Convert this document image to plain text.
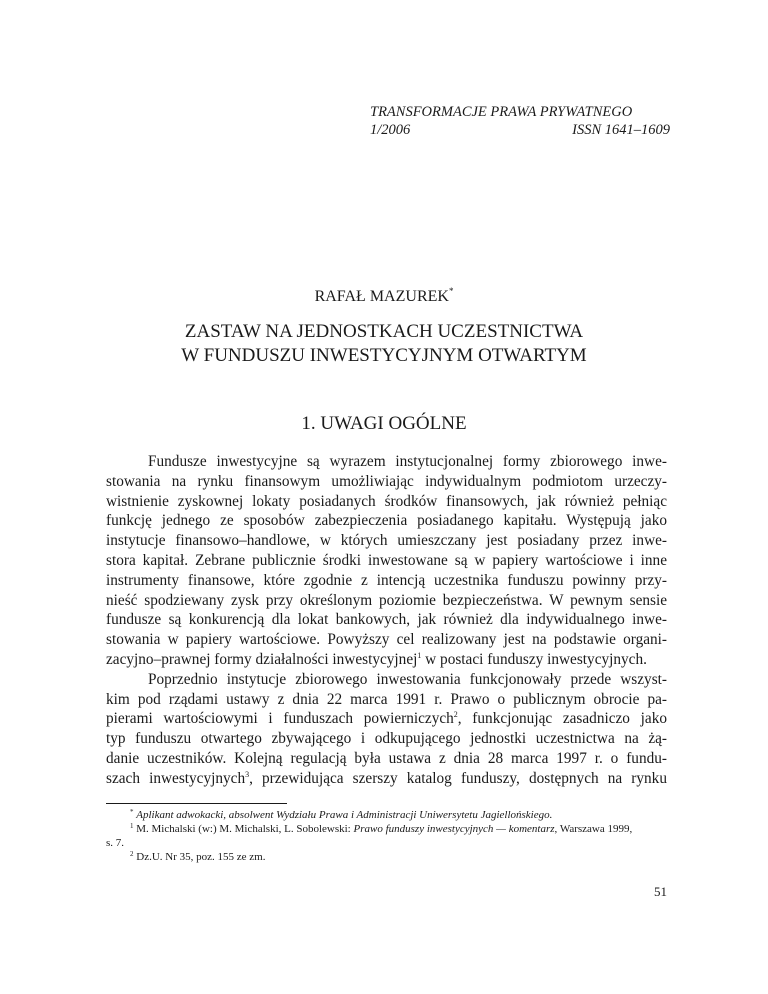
TRANSFORMACJE PRAWA PRYWATNEGO
1/2006	ISSN 1641–1609
RAFAŁ MAZUREK*
ZASTAW NA JEDNOSTKACH UCZESTNICTWA
W FUNDUSZU INWESTYCYJNYM OTWARTYM
1. UWAGI OGÓLNE
Fundusze inwestycyjne są wyrazem instytucjonalnej formy zbiorowego inwe-
stowania na rynku finansowym umożliwiając indywidualnym podmiotom urzeczy-
wistnienie zyskownej lokaty posiadanych środków finansowych, jak również pełniąc
funkcję jednego ze sposobów zabezpieczenia posiadanego kapitału. Występują jako
instytucje finansowo–handlowe, w których umieszczany jest posiadany przez inwe-
stora kapitał. Zebrane publicznie środki inwestowane są w papiery wartościowe i inne
instrumenty finansowe, które zgodnie z intencją uczestnika funduszu powinny przy-
nieść spodziewany zysk przy określonym poziomie bezpieczeństwa. W pewnym sensie
fundusze są konkurencją dla lokat bankowych, jak również dla indywidualnego inwe-
stowania w papiery wartościowe. Powyższy cel realizowany jest na podstawie organi-
zacyjno–prawnej formy działalności inwestycyjnej$^1$ w postaci funduszy inwestycyjnych.
Poprzednio instytucje zbiorowego inwestowania funkcjonowały przede wszyst-
kim pod rządami ustawy z dnia 22 marca 1991 r. Prawo o publicznym obrocie pa-
pierami wartościowymi i funduszach powierniczych$^2$, funkcjonując zasadniczo jako
typ funduszu otwartego zbywającego i odkupującego jednostki uczestnictwa na żą-
danie uczestników. Kolejną regulacją była ustawa z dnia 28 marca 1997 r. o fundu-
szach inwestycyjnych$^3$, przewidująca szerszy katalog funduszy, dostępnych na rynku
* Aplikant adwokacki, absolwent Wydziału Prawa i Administracji Uniwersytetu Jagiellońskiego.
$^1$ M. Michalski (w:) M. Michalski, L. Sobolewski: Prawo funduszy inwestycyjnych — komentarz, Warszawa 1999,
s. 7.
$^2$ Dz.U. Nr 35, poz. 155 ze zm.
51
